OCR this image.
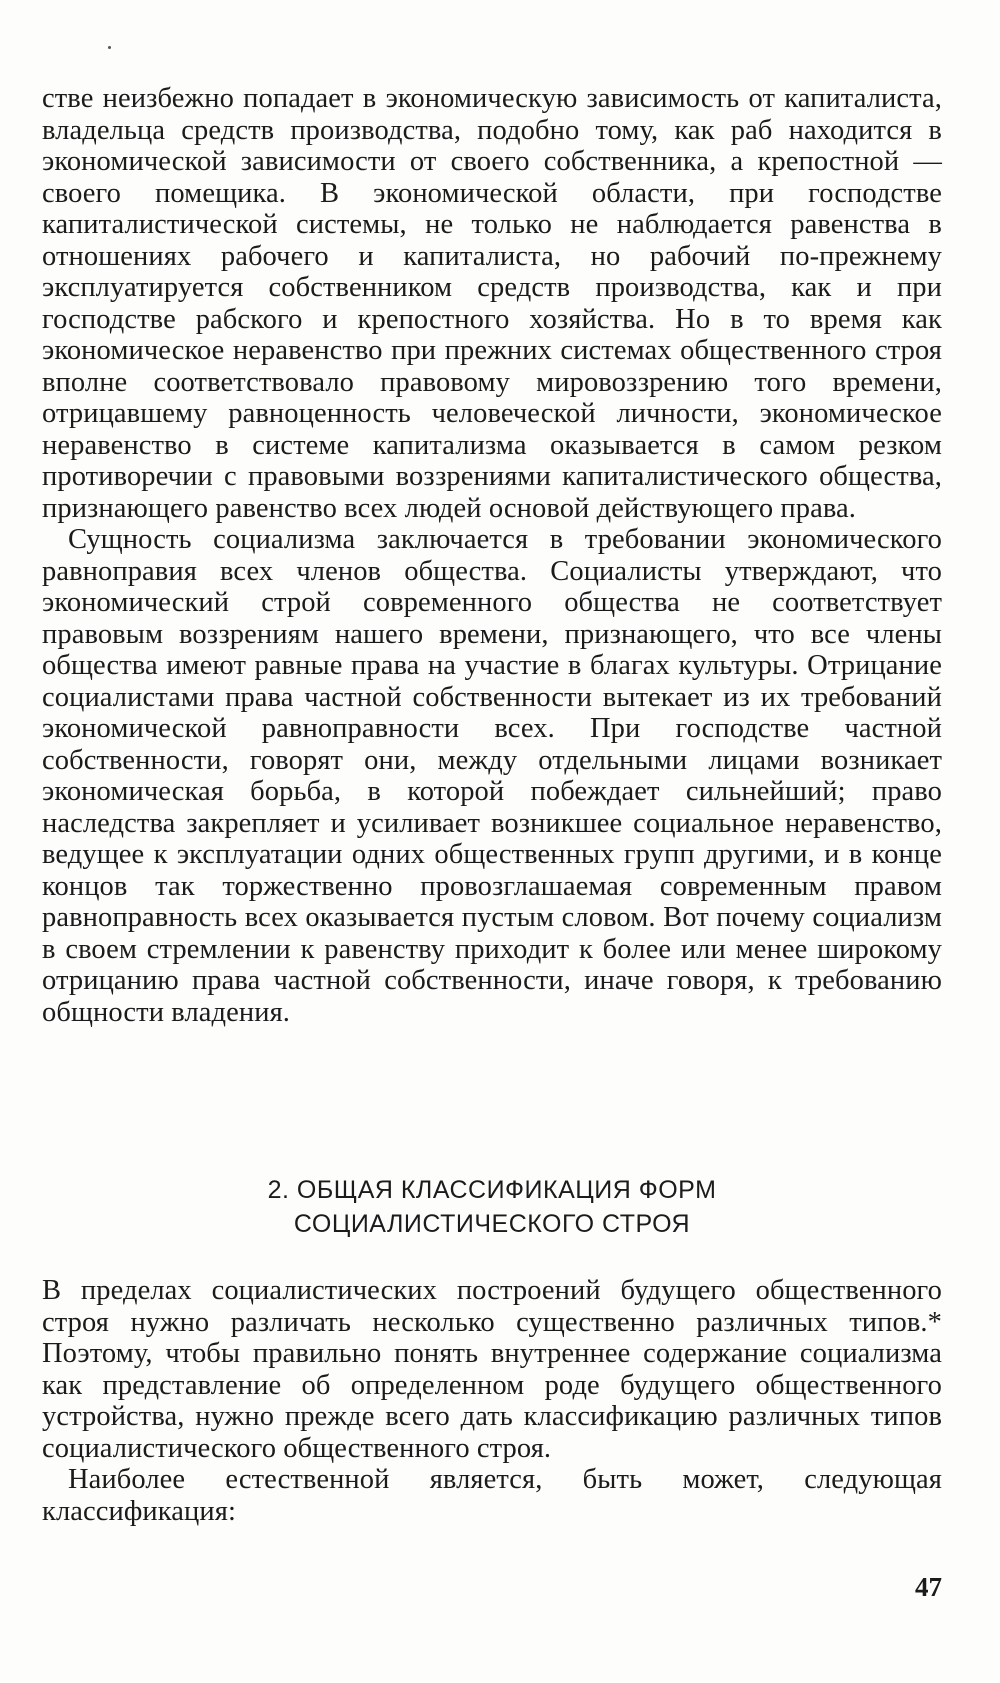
стве неизбежно попадает в экономическую зависимость от капиталиста, владельца средств производства, подобно тому, как раб находится в экономической зависимости от своего собственника, а крепостной — своего помещика. В экономической области, при господстве капиталистической системы, не только не наблюдается равенства в отношениях рабочего и капиталиста, но рабочий по-прежнему эксплуатируется собственником средств производства, как и при господстве рабского и крепостного хозяйства. Но в то время как экономическое неравенство при прежних системах общественного строя вполне соответствовало правовому мировоззрению того времени, отрицавшему равноценность человеческой личности, экономическое неравенство в системе капитализма оказывается в самом резком противоречии с правовыми воззрениями капиталистического общества, признающего равенство всех людей основой действующего права.

Сущность социализма заключается в требовании экономического равноправия всех членов общества. Социалисты утверждают, что экономический строй современного общества не соответствует правовым воззрениям нашего времени, признающего, что все члены общества имеют равные права на участие в благах культуры. Отрицание социалистами права частной собственности вытекает из их требований экономической равноправности всех. При господстве частной собственности, говорят они, между отдельными лицами возникает экономическая борьба, в которой побеждает сильнейший; право наследства закрепляет и усиливает возникшее социальное неравенство, ведущее к эксплуатации одних общественных групп другими, и в конце концов так торжественно провозглашаемая современным правом равноправность всех оказывается пустым словом. Вот почему социализм в своем стремлении к равенству приходит к более или менее широкому отрицанию права частной собственности, иначе говоря, к требованию общности владения.

2. ОБЩАЯ КЛАССИФИКАЦИЯ ФОРМ
СОЦИАЛИСТИЧЕСКОГО СТРОЯ

В пределах социалистических построений будущего общественного строя нужно различать несколько существенно различных типов.* Поэтому, чтобы правильно понять внутреннее содержание социализма как представление об определенном роде будущего общественного устройства, нужно прежде всего дать классификацию различных типов социалистического общественного строя.

Наиболее естественной является, быть может, следующая классификация:

47
